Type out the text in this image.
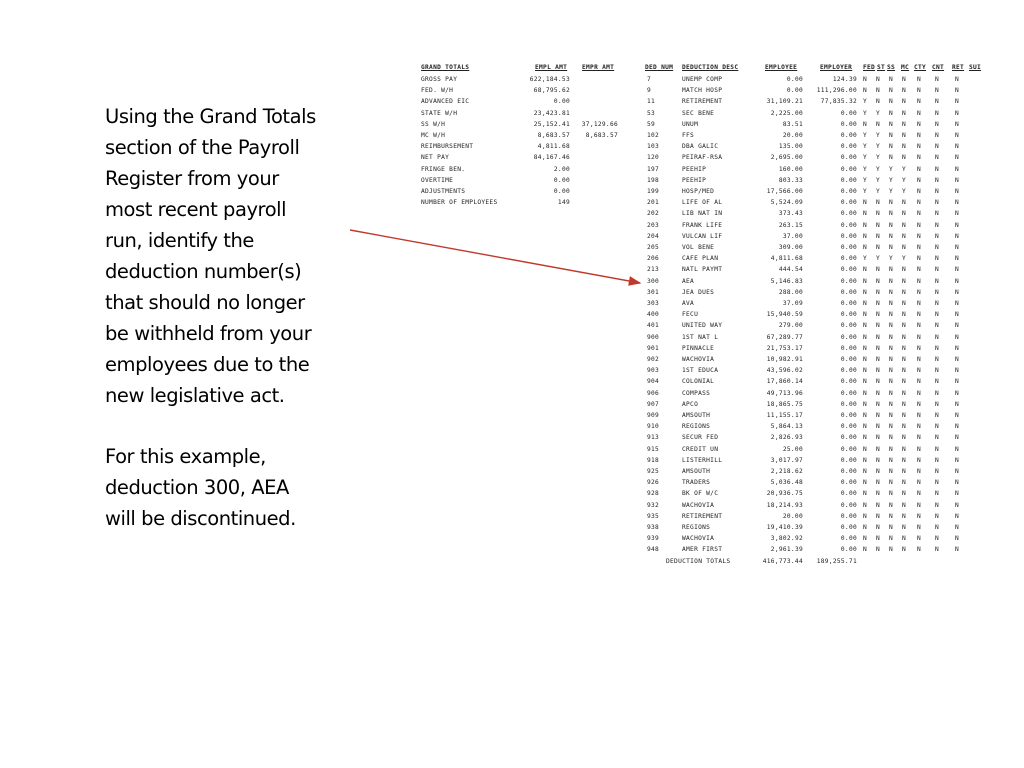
Using the Grand Totals
section of the Payroll
Register from your
most recent payroll
run, identify the
deduction number(s)
that should no longer
be withheld from your
employees due to the
new legislative act.

For this example,
deduction 300, AEA
will be discontinued.

GRAND TOTALS	EMPL AMT EMPR AMT
GROSS PAY	622,184.53
FED. W/H	68,795.62
ADVANCED EIC	0.00
STATE W/H	23,423.81
SS W/H	25,152.41	37,129.66
MC W/H	8,683.57	8,683.57
REIMBURSEMENT	4,811.68
NET PAY	84,167.46
FRINGE BEN.	2.00
OVERTIME	0.00
ADJUSTMENTS	0.00
NUMBER OF EMPLOYEES	149
DED NUM DEDUCTION DESC	EMPLOYEE	EMPLOYER FED ST SS MC CTY CNT RET SUI
7	UNEMP COMP	0.00	124.39 N N N N N N	N
9	MATCH HOSP	0.00	111,296.00 N N N N N N	N
11	RETIREMENT	31,109.21	77,835.32 Y N N N N N	N
53	SEC BENE	2,225.00	0.00 Y Y N N N N	N
59	UNUM	83.51	0.00 N N N N N N	N
102	FFS	20.00	0.00 Y Y N N N N	N
103	DBA GALIC	135.00	0.00 Y Y N N N N	N
120	PEIRAF-RSA	2,695.00	0.00 Y Y N N N N	N
197	PEEHIP	160.00	0.00 Y Y Y Y N N	N
198	PEEHIP	803.33	0.00 Y Y Y Y N N	N
199	HOSP/MED	17,566.00	0.00 Y Y Y Y N N	N
201	LIFE OF AL	5,524.09	0.00 N N N N N N	N
202	LIB NAT IN	373.43	0.00 N N N N N N	N
203	FRANK LIFE	263.15	0.00 N N N N N N	N
204	VULCAN LIF	37.00	0.00 N N N N N N	N
205	VOL BENE	309.00	0.00 N N N N N N	N
206	CAFE PLAN	4,811.68	0.00 Y Y Y Y N N	N
213	NATL PAYMT	444.54	0.00 N N N N N N	N
300	AEA	5,146.83	0.00 N N N N N N	N
301	JEA DUES	288.00	0.00 N N N N N N	N
303	AVA	37.09	0.00 N N N N N N	N
400	FECU	15,940.59	0.00 N N N N N N	N
401	UNITED WAY	279.00	0.00 N N N N N N	N
900	1ST NAT L	67,289.77	0.00 N N N N N N	N
901	PINNACLE	21,753.17	0.00 N N N N N N	N
902	WACHOVIA	10,982.91	0.00 N N N N N N	N
903	1ST EDUCA	43,596.02	0.00 N N N N N N	N
904	COLONIAL	17,860.14	0.00 N N N N N N	N
906	COMPASS	49,713.96	0.00 N N N N N N	N
907	APCO	18,865.75	0.00 N N N N N N	N
909	AMSOUTH	11,155.17	0.00 N N N N N N	N
910	REGIONS	5,864.13	0.00 N N N N N N	N
913	SECUR FED	2,826.93	0.00 N N N N N N	N
915	CREDIT UN	25.00	0.00 N N N N N N	N
918	LISTERHILL	3,017.97	0.00 N N N N N N	N
925	AMSOUTH	2,218.62	0.00 N N N N N N	N
926	TRADERS	5,036.48	0.00 N N N N N N	N
928	BK OF W/C	20,936.75	0.00 N N N N N N	N
932	WACHOVIA	18,214.93	0.00 N N N N N N	N
935	RETIREMENT	20.00	0.00 N N N N N N	N
938	REGIONS	19,410.39	0.00 N N N N N N	N
939	WACHOVIA	3,802.92	0.00 N N N N N N	N
948	AMER FIRST	2,961.39	0.00 N N N N N N	N
DEDUCTION TOTALS	416,773.44	189,255.71
